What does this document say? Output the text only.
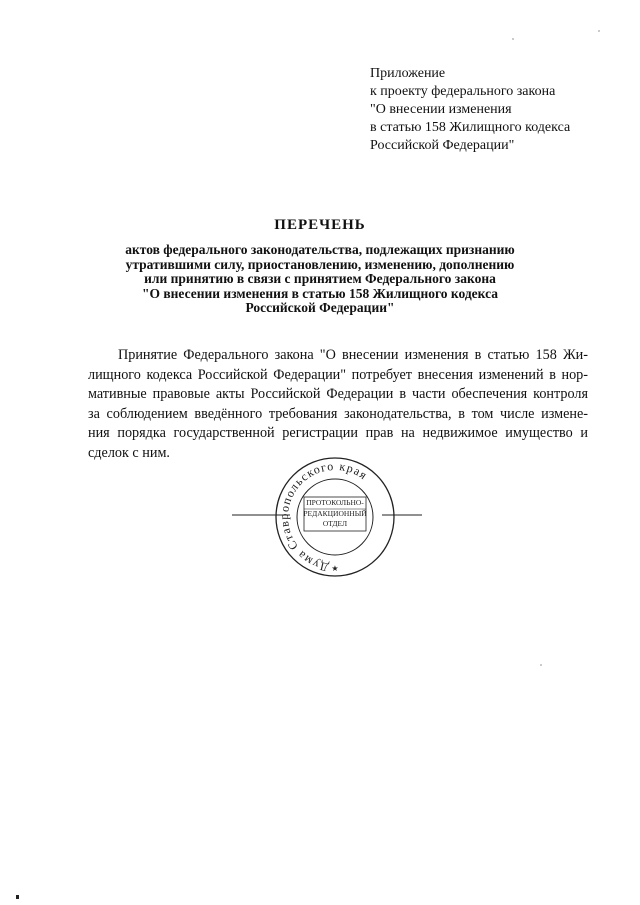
Приложение
к проекту федерального закона
"О внесении изменения
в статью 158 Жилищного кодекса
Российской Федерации"
ПЕРЕЧЕНЬ
актов федерального законодательства, подлежащих признанию
утратившими силу, приостановлению, изменению, дополнению
или принятию в связи с принятием Федерального закона
"О внесении изменения в статью 158 Жилищного кодекса
Российской Федерации"
Принятие Федерального закона "О внесении изменения в статью 158 Жи-
лищного кодекса Российской Федерации" потребует внесения изменений в нор-
мативные правовые акты Российской Федерации в части обеспечения контроля
за соблюдением введённого требования законодательства, в том числе измене-
ния порядка государственной регистрации прав на недвижимое имущество и
сделок с ним.
Дума Ставропольского края
ПРОТОКОЛЬНО-
РЕДАКЦИОННЫЙ
ОТДЕЛ
★
